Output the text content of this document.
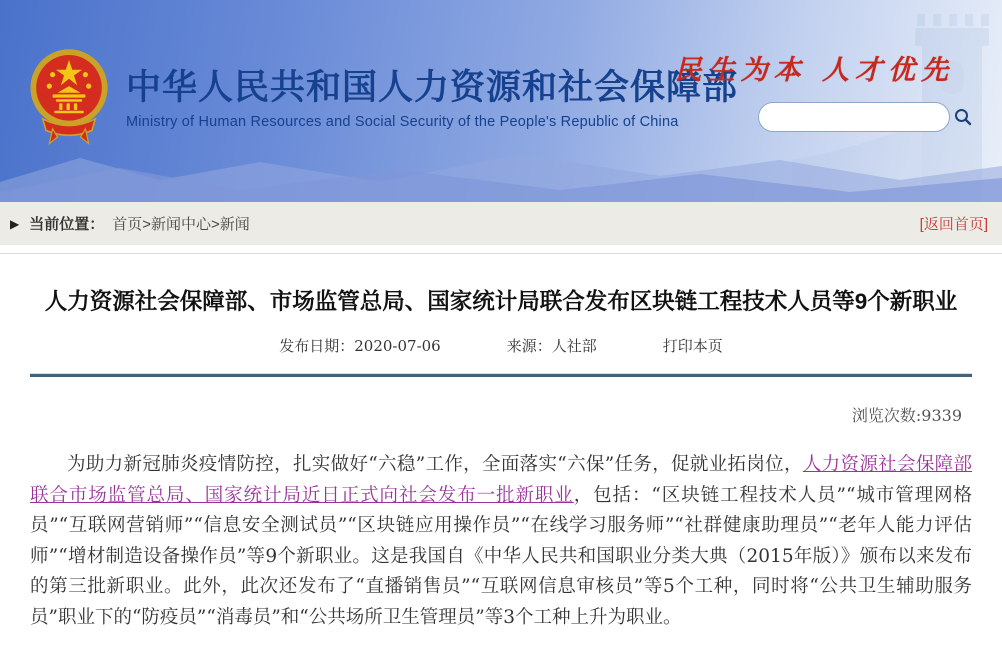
中华人民共和国人力资源和社会保障部
Ministry of Human Resources and Social Security of the People's Republic of China
民生为本 人才优先
▶ 当前位置： 首页>新闻中心>新闻	[返回首页]
人力资源社会保障部、市场监管总局、国家统计局联合发布区块链工程技术人员等9个新职业
发布日期：2020-07-06	来源：人社部	打印本页
浏览次数:9339

为助力新冠肺炎疫情防控，扎实做好“六稳”工作，全面落实“六保”任务，促就业拓岗位，人力资源社会保障部联合市场监管总局、国家统计局近日正式向社会发布一批新职业，包括：“区块链工程技术人员”“城市管理网格员”“互联网营销师”“信息安全测试员”“区块链应用操作员”“在线学习服务师”“社群健康助理员”“老年人能力评估师”“增材制造设备操作员”等9个新职业。这是我国自《中华人民共和国职业分类大典（2015年版）》颁布以来发布的第三批新职业。此外，此次还发布了“直播销售员”“互联网信息审核员”等5个工种，同时将“公共卫生辅助服务员”职业下的“防疫员”“消毒员”和“公共场所卫生管理员”等3个工种上升为职业。
